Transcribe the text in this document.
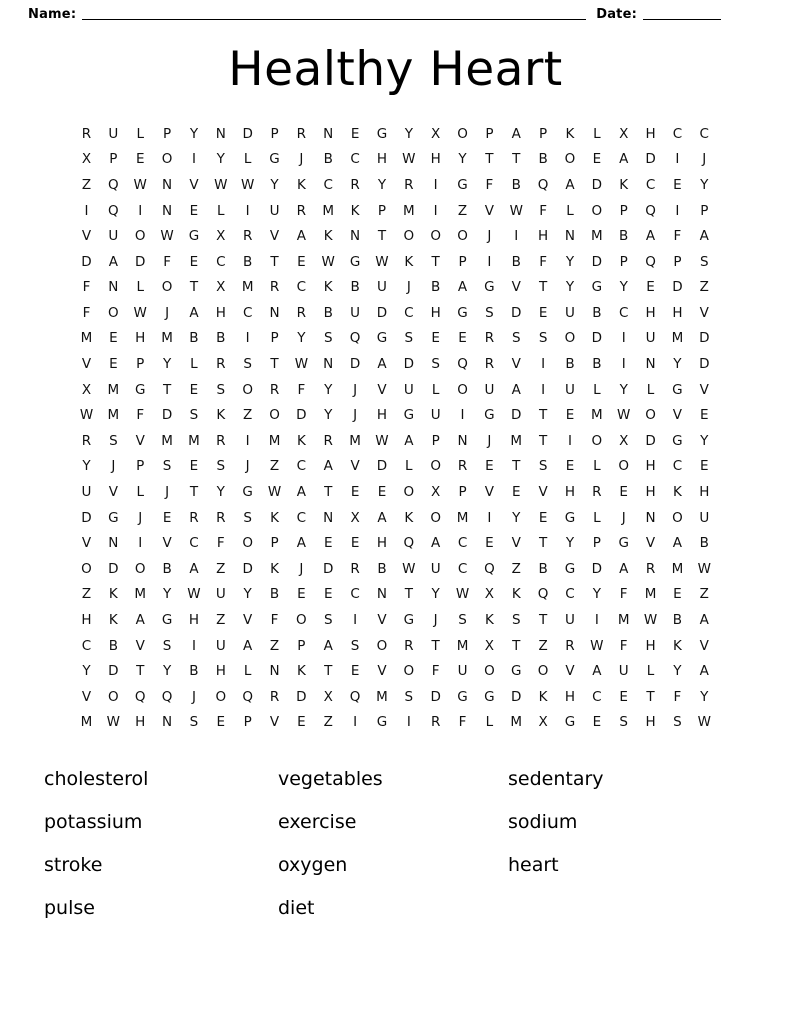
Name:	Date:
Healthy Heart
R	U	L	P	Y	N	D	P	R	N	E	G	Y	X	O	P	A	P	K	L	X	H	C	C
X	P	E	O	I	Y	L	G	J	B	C	H	W	H	Y	T	T	B	O	E	A	D	I	J
Z	Q	W	N	V	W	W	Y	K	C	R	Y	R	I	G	F	B	Q	A	D	K	C	E	Y
I	Q	I	N	E	L	I	U	R	M	K	P	M	I	Z	V	W	F	L	O	P	Q	I	P
V	U	O	W	G	X	R	V	A	K	N	T	O	O	O	J	I	H	N	M	B	A	F	A
D	A	D	F	E	C	B	T	E	W	G	W	K	T	P	I	B	F	Y	D	P	Q	P	S
F	N	L	O	T	X	M	R	C	K	B	U	J	B	A	G	V	T	Y	G	Y	E	D	Z
F	O	W	J	A	H	C	N	R	B	U	D	C	H	G	S	D	E	U	B	C	H	H	V
M	E	H	M	B	B	I	P	Y	S	Q	G	S	E	E	R	S	S	O	D	I	U	M	D
V	E	P	Y	L	R	S	T	W	N	D	A	D	S	Q	R	V	I	B	B	I	N	Y	D
X	M	G	T	E	S	O	R	F	Y	J	V	U	L	O	U	A	I	U	L	Y	L	G	V
W	M	F	D	S	K	Z	O	D	Y	J	H	G	U	I	G	D	T	E	M	W	O	V	E
R	S	V	M	M	R	I	M	K	R	M	W	A	P	N	J	M	T	I	O	X	D	G	Y
Y	J	P	S	E	S	J	Z	C	A	V	D	L	O	R	E	T	S	E	L	O	H	C	E
U	V	L	J	T	Y	G	W	A	T	E	E	O	X	P	V	E	V	H	R	E	H	K	H
D	G	J	E	R	R	S	K	C	N	X	A	K	O	M	I	Y	E	G	L	J	N	O	U
V	N	I	V	C	F	O	P	A	E	E	H	Q	A	C	E	V	T	Y	P	G	V	A	B
O	D	O	B	A	Z	D	K	J	D	R	B	W	U	C	Q	Z	B	G	D	A	R	M	W
Z	K	M	Y	W	U	Y	B	E	E	C	N	T	Y	W	X	K	Q	C	Y	F	M	E	Z
H	K	A	G	H	Z	V	F	O	S	I	V	G	J	S	K	S	T	U	I	M	W	B	A
C	B	V	S	I	U	A	Z	P	A	S	O	R	T	M	X	T	Z	R	W	F	H	K	V
Y	D	T	Y	B	H	L	N	K	T	E	V	O	F	U	O	G	O	V	A	U	L	Y	A
V	O	Q	Q	J	O	Q	R	D	X	Q	M	S	D	G	G	D	K	H	C	E	T	F	Y
M	W	H	N	S	E	P	V	E	Z	I	G	I	R	F	L	M	X	G	E	S	H	S	W
cholesterol
potassium
stroke
pulse
vegetables
exercise
oxygen
diet
sedentary
sodium
heart
